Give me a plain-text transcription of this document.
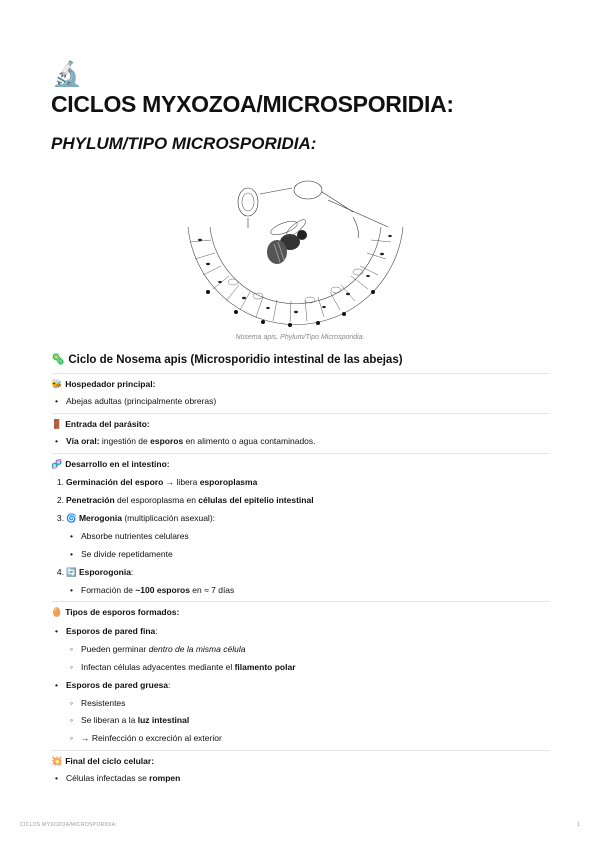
🔬
CICLOS MYXOZOA/MICROSPORIDIA:
PHYLUM/TIPO MICROSPORIDIA:
Nosema apis, Phylum/Tipo Microsporidia.
🦠 Ciclo de Nosema apis (Microsporidio intestinal de las abejas)
🐝 Hospedador principal:
• Abejas adultas (principalmente obreras)
🚪 Entrada del parásito:
• Vía oral: ingestión de esporos en alimento o agua contaminados.
🧬 Desarrollo en el intestino:
1. Germinación del esporo → libera esporoplasma
2. Penetración del esporoplasma en células del epitelio intestinal
3. 🌀 Merogonia (multiplicación asexual):
• Absorbe nutrientes celulares
• Se divide repetidamente
4. 🔄 Esporogonia:
• Formación de ~100 esporos en ≈ 7 días
🥚 Tipos de esporos formados:
• Esporos de pared fina:
◦ Pueden germinar dentro de la misma célula
◦ Infectan células adyacentes mediante el filamento polar
• Esporos de pared gruesa:
◦ Resistentes
◦ Se liberan a la luz intestinal
◦ → Reinfección o excreción al exterior
💥 Final del ciclo celular:
• Células infectadas se rompen
CICLOS MYXOZOA/MICROSPORIDIA:	1
